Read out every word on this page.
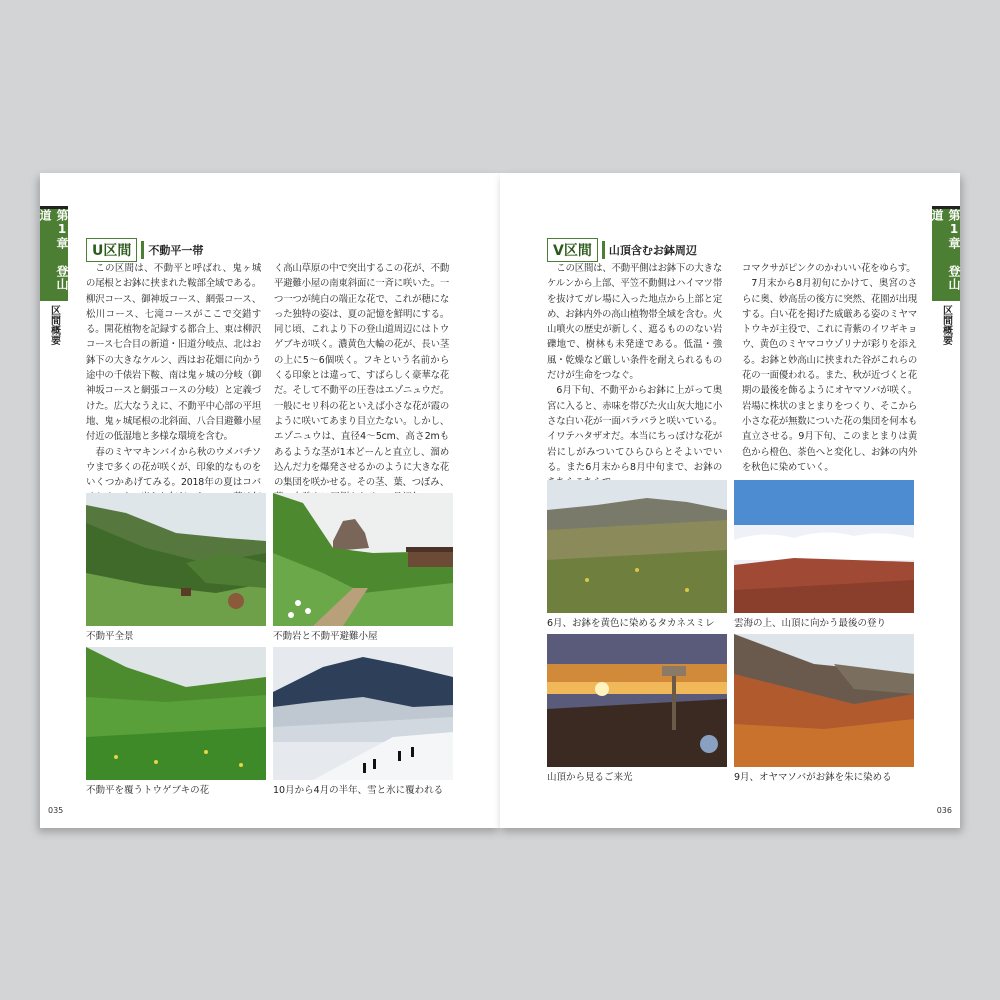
第1章 登山道
区間概要
U区間	不動平一帯

この区間は、不動平と呼ばれ、鬼ヶ城の尾根とお鉢に挟まれた鞍部全域である。柳沢コース、御神坂コース、網張コース、松川コース、七滝コースがここで交錯する。開花植物を記録する都合上、東は柳沢コース七合目の新道・旧道分岐点、北はお鉢下の大きなケルン、西はお花畑に向かう途中の千俵岩下鞍、南は鬼ヶ城の分岐（御神坂コースと網張コースの分岐）と定義づけた。広大なうえに、不動平中心部の平坦地、鬼ヶ城尾根の北斜面、八合目避難小屋付近の低湿地と多様な環境を含む。

春のミヤマキンバイから秋のウメバチソウまで多くの花が咲くが、印象的なものをいくつかあげてみる。2018年の夏はコバ

く高山草原の中で突出するこの花が、不動平避難小屋の南東斜面に一斉に咲いた。一つ一つが純白の端正な花で、これが穂になった独特の姿は、夏の記憶を鮮明にする。同じ頃、これより下の登山道周辺にはトウゲブキが咲く。濃黄色大輪の花が、長い茎の上に5～6個咲く。フキという名前からくる印象とは違って、すばらしく豪華な花だ。そして不動平の圧巻はエゾニュウだ。一般にセリ科の花といえば小さな花が霞のように咲いてあまり目立たない。しかし、エゾニュウは、直径4～5cm、高さ2mもあるような茎が1本どーんと直立し、溜め込んだ力を爆発させるかのように大きな花の集団を咲かせる。その茎、葉、つぼみ、

不動平全景	不動岩と不動平避難小屋
不動平を覆うトウゲブキの花	10月から4月の半年、雪と氷に覆われる
035
第1章 登山道
区間概要
V区間	山頂含むお鉢周辺

この区間は、不動平側はお鉢下の大きなケルンから上部、平笠不動側はハイマツ帯を抜けてガレ場に入った地点から上部と定め、お鉢内外の高山植物帯全域を含む。火山噴火の歴史が新しく、遮るもののない岩礫地で、樹林も未発達である。低温・強風・乾燥など厳しい条件を耐えられるものだけが生命をつなぐ。

6月下旬、不動平からお鉢に上がって奥宮に入ると、赤味を帯びた火山灰大地に小さな白い花が一面パラパラと咲いている。イワテハタザオだ。本当にちっぽけな花が岩にしがみついてひらひらとそよいでいる。また6月末から8月中旬まで、お鉢の

コマクサがピンクのかわいい花をゆらす。

7月末から8月初旬にかけて、奥宮のさらに奥、妙高岳の後方に突然、花園が出現する。白い花を掲げた威厳ある姿のミヤマトウキが主役で、これに青紫のイワギキョウ、黄色のミヤマコウゾリナが彩りを添える。お鉢と妙高山に挟まれた谷がこれらの花の一面優われる。また、秋が近づくと花期の最後を飾るようにオヤマソバが咲く。岩場に株状のまとまりをつくり、そこから小さな花が無数についた花の集団を何本も直立させる。9月下旬、このまとまりは黄色から橙色、茶色へと変化し、お鉢の内外を秋色に染めていく。

6月、お鉢を黄色に染めるタカネスミレ 雲海の上、山頂に向かう最後の登り
山頂から見るご来光	9月、オヤマソバがお鉢を朱に染める
036
